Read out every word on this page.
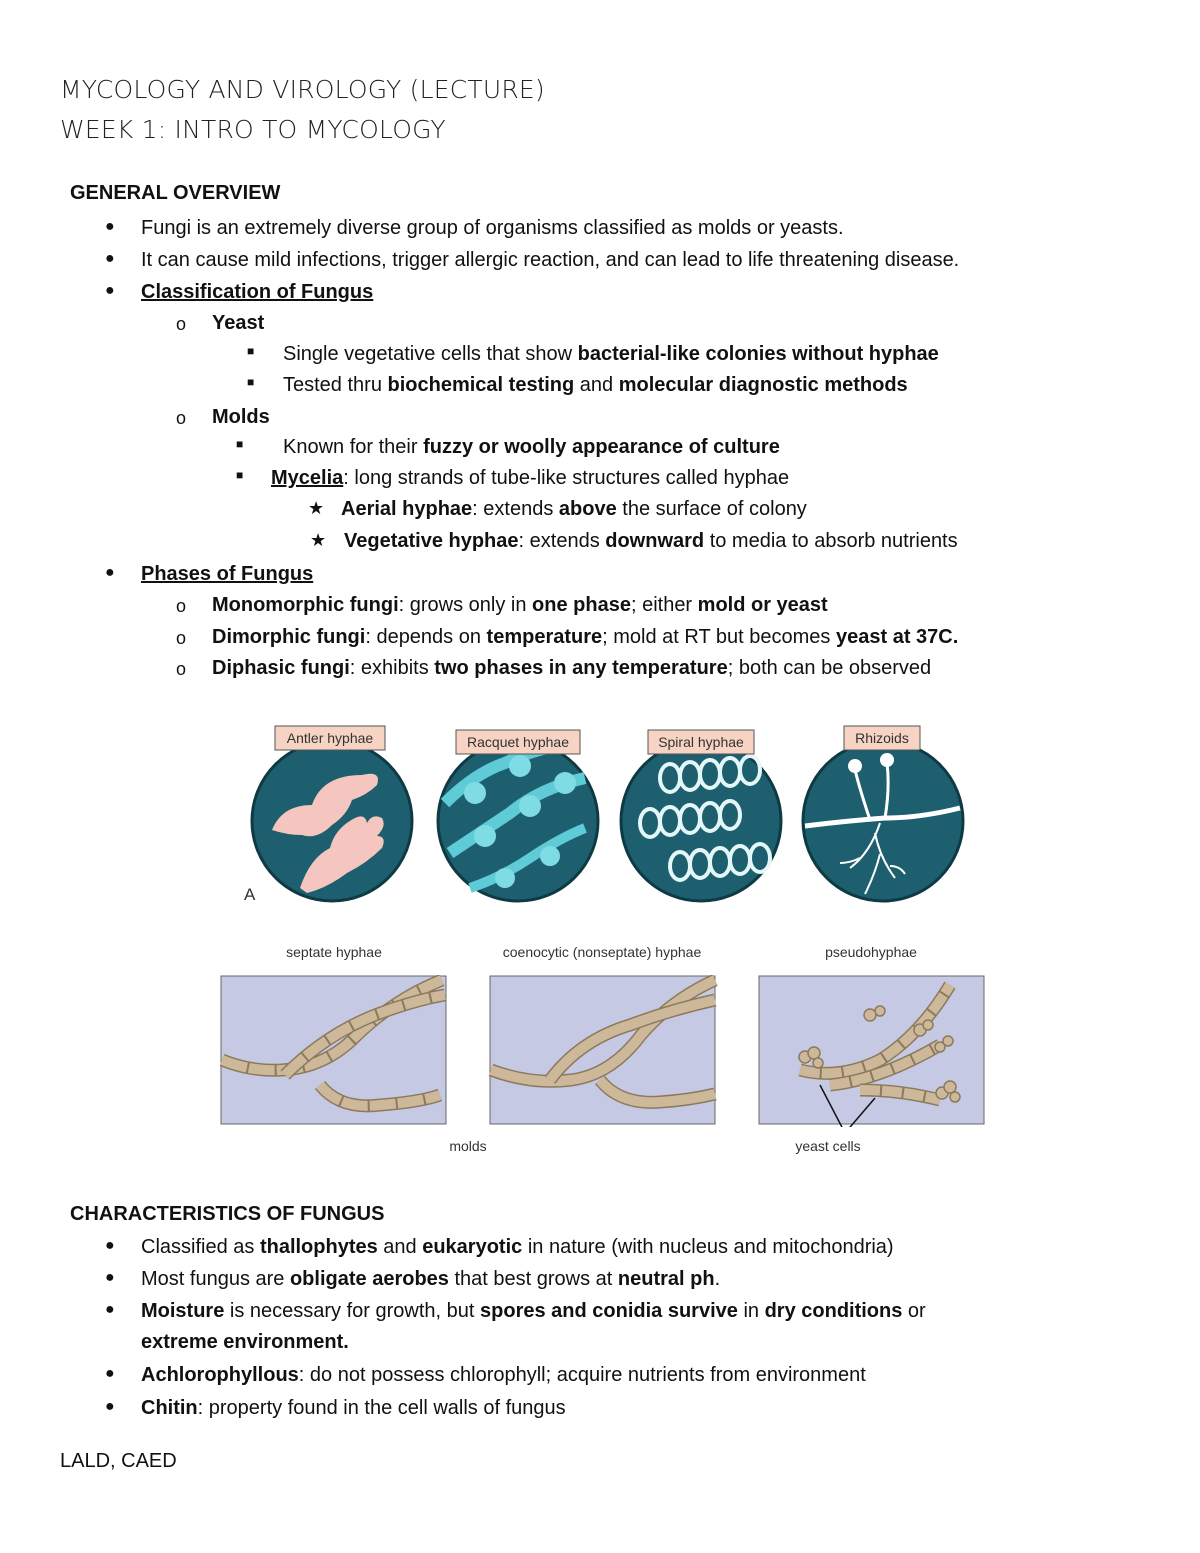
MYCOLOGY AND VIROLOGY (LECTURE)
WEEK 1: INTRO TO MYCOLOGY
GENERAL OVERVIEW
● Fungi is an extremely diverse group of organisms classified as molds or yeasts.
● It can cause mild infections, trigger allergic reaction, and can lead to life threatening disease.
● Classification of Fungus
o Yeast
■ Single vegetative cells that show bacterial-like colonies without hyphae
■ Tested thru biochemical testing and molecular diagnostic methods
o Molds
■ Known for their fuzzy or woolly appearance of culture
■ Mycelia: long strands of tube-like structures called hyphae
★ Aerial hyphae: extends above the surface of colony
★ Vegetative hyphae: extends downward to media to absorb nutrients
● Phases of Fungus
o Monomorphic fungi: grows only in one phase; either mold or yeast
o Dimorphic fungi: depends on temperature; mold at RT but becomes yeast at 37C.
o Diphasic fungi: exhibits two phases in any temperature; both can be observed
Antler hyphae	Racquet hyphae	Spiral hyphae	Rhizoids
A
septate hyphae	coenocytic (nonseptate) hyphae	pseudohyphae
molds	yeast cells
CHARACTERISTICS OF FUNGUS
● Classified as thallophytes and eukaryotic in nature (with nucleus and mitochondria)
● Most fungus are obligate aerobes that best grows at neutral ph.
● Moisture is necessary for growth, but spores and conidia survive in dry conditions or
extreme environment.
● Achlorophyllous: do not possess chlorophyll; acquire nutrients from environment
● Chitin: property found in the cell walls of fungus
LALD, CAED
